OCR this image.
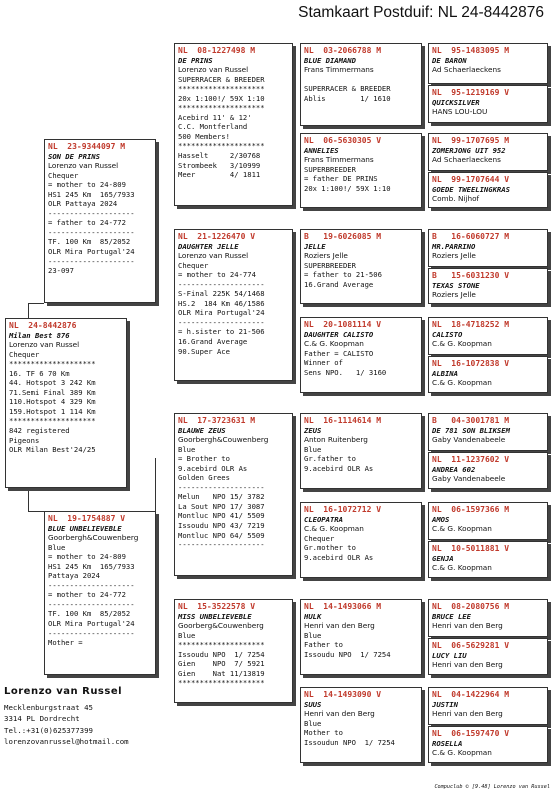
Stamkaart Postduif: NL 24-8442876
NL  24-8442876
Milan Best 876
Lorenzo van Russel
Chequer
********************
16. TF 6 70 Km
44. Hotspot 3 242 Km
71.Semi Final 389 Km
110.Hotspot 4 329 Km
159.Hotspot 1 114 Km
********************
842 registered
Pigeons
OLR Milan Best'24/25
NL  23-9344097 M
SON DE PRINS
Lorenzo van Russel
Chequer
= mother to 24-809
HS1 245 Km  165/7933
OLR Pattaya 2024
--------------------
= father to 24-772
--------------------
TF. 100 Km  85/2052
OLR Mira Portugal'24
--------------------
23-097
NL  19-1754887 V
BLUE UNBELIEVEBLE
Goorbergh&Couwenberg
Blue
= mother to 24-809
HS1 245 Km  165/7933
Pattaya 2024
--------------------
= mother to 24-772
--------------------
TF. 100 Km  85/2052
OLR Mira Portugal'24
--------------------
Mother =
NL  08-1227498 M
DE PRINS
Lorenzo van Russel
SUPERRACER & BREEDER
********************
20x 1:100!/ 59X 1:10
********************
Acebird 11' & 12'
C.C. Montferland
500 Members!
********************
Hasselt     2/30768
Strombeek   3/10999
Meer        4/ 1811
NL  21-1226470 V
DAUGHTER JELLE
Lorenzo van Russel
Chequer
= mother to 24-774
--------------------
S-Final 225K 54/1468
HS.2  184 Km 46/1586
OLR Mira Portugal'24
--------------------
= h.sister to 21-506
16.Grand Average
90.Super Ace
NL  17-3723631 M
BLAUWE ZEUS
Goorbergh&Couwenberg
Blue
= Brother to
9.acebird OLR As
Golden Grees
--------------------
Melun   NPO 15/ 3782
La Sout NPO 17/ 3087
Montluc NPO 41/ 5509
Issoudu NPO 43/ 7219
Montluc NPO 64/ 5509
--------------------
NL  15-3522578 V
MISS UNBELIEVEBLE
Goorberg&Couwenberg
Blue
********************
Issoudu NPO  1/ 7254
Gien    NPO  7/ 5921
Gien    Nat 11/13819
********************
NL  03-2066788 M
BLUE DIAMAND
Frans Timmermans
SUPERRACER & BREEDER
Ablis        1/ 1610
NL  06-5630305 V
ANNELIES
Frans Timmermans
SUPERBREEDER
= father DE PRINS
20x 1:100!/ 59X 1:10
B   19-6026085 M
JELLE
Roziers Jelle
SUPERBREEDER
= father to 21-506
16.Grand Average
NL  20-1081114 V
DAUGHTER CALISTO
C.& G. Koopman
Father = CALISTO
Winner of
Sens NPO.   1/ 3160
NL  16-1114614 M
ZEUS
Anton Ruitenberg
Blue
Gr.father to
9.acebird OLR As
NL  16-1072712 V
CLEOPATRA
C.& G. Koopman
Chequer
Gr.mother to
9.acebird OLR As
NL  14-1493066 M
HULK
Henri van den Berg
Blue
Father to
Issoudu NPO  1/ 7254
NL  14-1493090 V
SUUS
Henri van den Berg
Blue
Mother to
Issoudun NPO  1/ 7254
NL  95-1483095 M
DE BARON
Ad Schaerlaeckens
NL  95-1219169 V
QUICKSILVER
HANS LOU-LOU
NL  99-1707695 M
ZOMERJONG UIT 952
Ad Schaerlaeckens
NL  99-1707644 V
GOEDE TWEELINGKRAS
Comb. Nijhof
B   16-6060727 M
MR.PARRINO
Roziers Jelle
B   15-6031230 V
TEXAS STONE
Roziers Jelle
NL  18-4718252 M
CALISTO
C.& G. Koopman
NL  16-1072838 V
ALBINA
C.& G. Koopman
B   04-3001781 M
DE 781 SON BLIKSEM
Gaby Vandenabeele
NL  11-1237602 V
ANDREA 602
Gaby Vandenabeele
NL  06-1597366 M
AMOS
C.& G. Koopman
NL  10-5011881 V
GENJA
C.& G. Koopman
NL  08-2080756 M
BRUCE LEE
Henri van den Berg
NL  06-5629281 V
LUCY LIU
Henri van den Berg
NL  04-1422964 M
JUSTIN
Henri van den Berg
NL  06-1597470 V
ROSELLA
C.& G. Koopman
Lorenzo van Russel
Mecklenburgstraat 45
3314 PL Dordrecht
Tel.:+31(0)625377399
lorenzovanrussel@hotmail.com
Compuclub © [9.48] Lorenzo van Russel
